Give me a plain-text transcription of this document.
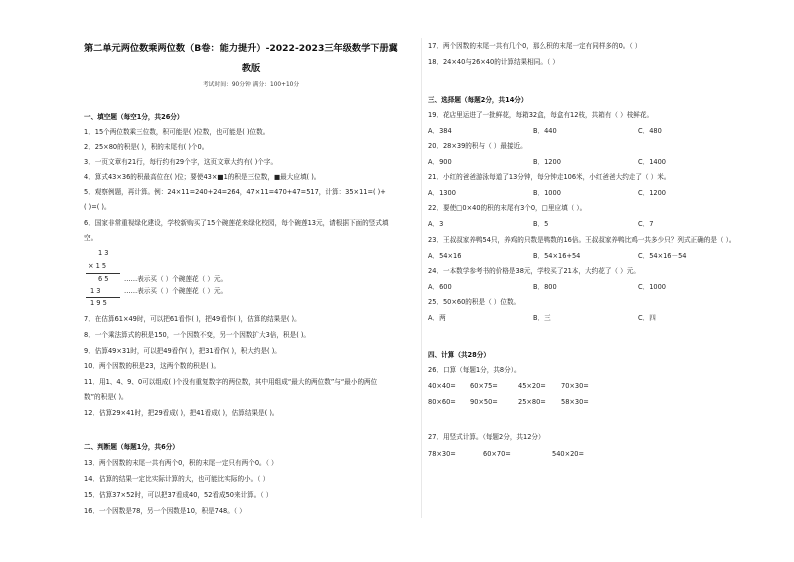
第二单元两位数乘两位数（B卷：能力提升）-2022-2023三年级数学下册冀
教版
考试时间：90分钟 满分：100+10分
一、填空题（每空1分，共26分）
1．15个两位数乘三位数，积可能是( )位数，也可能是( )位数。
2．25×80的积是( )，积的末尾有( )个0。
3．一页文章有21行，每行约有29个字，这页文章大约有( )个字。
4．算式43×36的积最高位在( )位；要使43×■1的积是三位数，■最大应填( )。
5．观察例题，再计算。例：24×11=240+24=264，47×11=470+47=517，计算：35×11=( )+
( )=( )。
6．国家非常重视绿化建设，学校新购买了15个碗莲花来绿化校园，每个碗莲13元，请根据下面的竖式填
空。
1 3
× 1 5
6 5 ……表示买（ ）个碗莲花（ ）元。
1 3	……表示买（ ）个碗莲花（ ）元。
1 9 5
7．在估算61×49时，可以把61看作( )，把49看作( )，估算的结果是( )。
8．一个乘法算式的积是150，一个因数不变，另一个因数扩大3倍，积是( )。
9．估算49×31时，可以把49看作( )，把31看作( )，积大约是( )。
10．两个因数的积是23，这两个数的积是( )。
11．用1、4、9、0可以组成( )个没有重复数字的两位数，其中用组成“最大的两位数”与“最小的两位
数”的积是( )。
12．估算29×41时，把29看成( )，把41看成( )，估算结果是( )。
二、判断题（每题1分，共6分）
13．两个因数的末尾一共有两个0，积的末尾一定只有两个0。（ ）
14．估算的结果一定比实际计算的大，也可能比实际的小。（ ）
15．估算37×52时，可以把37看成40，52看成50来计算。（ ）
16．一个因数是78，另一个因数是10，积是748。（ ）
17．两个因数的末尾一共有几个0，那么积的末尾一定有同样多的0。（ ）
18．24×40与26×40的计算结果相同。（ ）
三、选择题（每题2分，共14分）
19．花店里运进了一批鲜花，每箱32盒，每盒有12枝，共箱有（ ）枝鲜花。
A．384	B．440	C．480
20．28×39的积与（ ）最接近。
A．900	B．1200	C．1400
21．小红的爸爸游泳每道了13分钟，每分钟走106米，小红爸爸大约走了（ ）米。
A．1300	B．1000	C．1200
22．要使□0×40的积的末尾有3个0，□里应填（ ）。
A．3	B．5	C．7
23．王叔叔家养鸭54只，养鸡的只数是鸭数的16倍。王叔叔家养鸭比鸡一共多少只？列式正确的是（ ）。
A．54×16	B．54×16+54	C．54×16－54
24．一本数学参考书的价格是38元，学校买了21本，大约花了（ ）元。
A．600	B．800	C．1000
25．50×60的积是（ ）位数。
A．两	B．三	C．四
四、计算（共28分）
26．口算（每题1分，共8分）。
40×40= 60×75=	45×20= 70×30=
80×60= 90×50=	25×80= 58×30=
27．用竖式计算。（每题2分，共12分）
78×30=	60×70=	540×20=
